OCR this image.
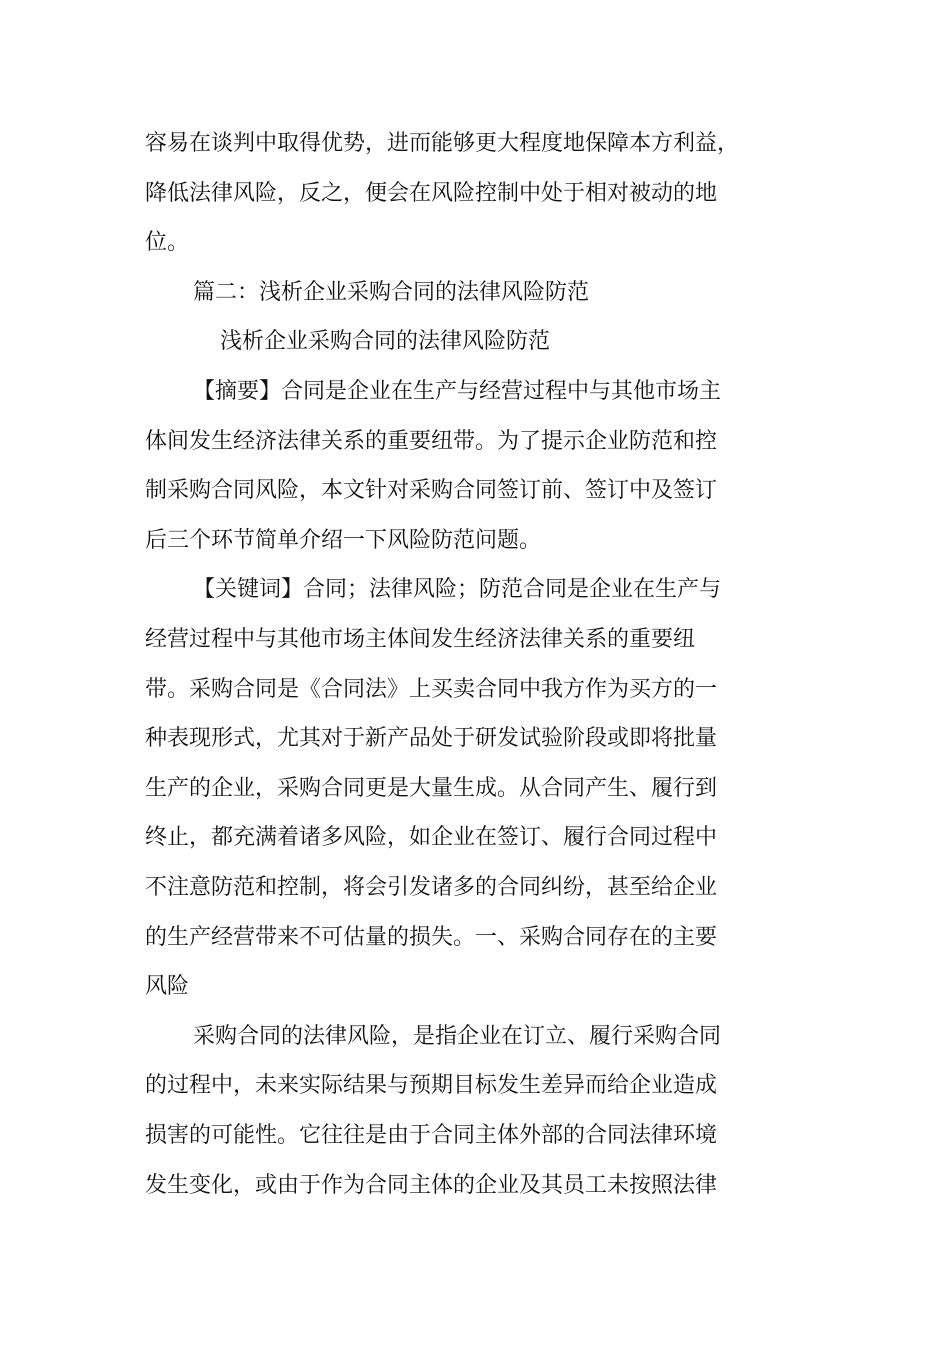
容易在谈判中取得优势，进而能够更大程度地保障本方利益，
降低法律风险，反之，便会在风险控制中处于相对被动的地
位。
篇二：浅析企业采购合同的法律风险防范
浅析企业采购合同的法律风险防范
【摘要】合同是企业在生产与经营过程中与其他市场主
体间发生经济法律关系的重要纽带。为了提示企业防范和控
制采购合同风险，本文针对采购合同签订前、签订中及签订
后三个环节简单介绍一下风险防范问题。
【关键词】合同；法律风险；防范合同是企业在生产与
经营过程中与其他市场主体间发生经济法律关系的重要纽
带。采购合同是《合同法》上买卖合同中我方作为买方的一
种表现形式，尤其对于新产品处于研发试验阶段或即将批量
生产的企业，采购合同更是大量生成。从合同产生、履行到
终止，都充满着诸多风险，如企业在签订、履行合同过程中
不注意防范和控制，将会引发诸多的合同纠纷，甚至给企业
的生产经营带来不可估量的损失。一、采购合同存在的主要
风险
采购合同的法律风险，是指企业在订立、履行采购合同
的过程中，未来实际结果与预期目标发生差异而给企业造成
损害的可能性。它往往是由于合同主体外部的合同法律环境
发生变化，或由于作为合同主体的企业及其员工未按照法律
